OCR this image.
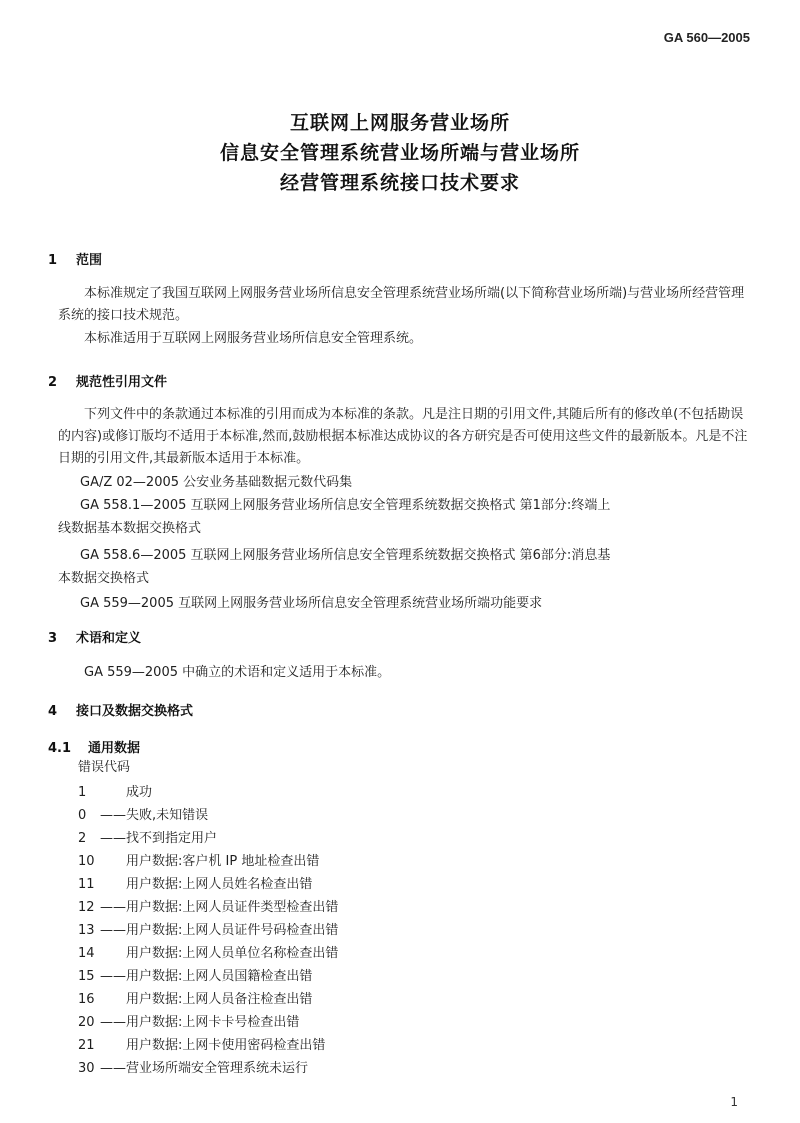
GA 560—2005
互联网上网服务营业场所
信息安全管理系统营业场所端与营业场所
经营管理系统接口技术要求
1 范围
本标准规定了我国互联网上网服务营业场所信息安全管理系统营业场所端(以下简称营业场所端)与营业场所经营管理系统的接口技术规范。
本标准适用于互联网上网服务营业场所信息安全管理系统。
2 规范性引用文件
下列文件中的条款通过本标准的引用而成为本标准的条款。凡是注日期的引用文件,其随后所有的修改单(不包括勘误的内容)或修订版均不适用于本标准,然而,鼓励根据本标准达成协议的各方研究是否可使用这些文件的最新版本。凡是不注日期的引用文件,其最新版本适用于本标准。
GA/Z 02—2005 公安业务基础数据元数代码集
GA 558.1—2005 互联网上网服务营业场所信息安全管理系统数据交换格式 第1部分:终端上
线数据基本数据交换格式
GA 558.6—2005 互联网上网服务营业场所信息安全管理系统数据交换格式 第6部分:消息基
本数据交换格式
GA 559—2005 互联网上网服务营业场所信息安全管理系统营业场所端功能要求
3 术语和定义
GA 559—2005 中确立的术语和定义适用于本标准。
4 接口及数据交换格式
4.1 通用数据
错误代码
1	成功
0 ——失败,未知错误
2 ——找不到指定用户
10 用户数据:客户机 IP 地址检查出错
11 用户数据:上网人员姓名检查出错
12 ——用户数据:上网人员证件类型检查出错
13 ——用户数据:上网人员证件号码检查出错
14 用户数据:上网人员单位名称检查出错
15 ——用户数据:上网人员国籍检查出错
16 用户数据:上网人员备注检查出错
20 ——用户数据:上网卡卡号检查出错
21 用户数据:上网卡使用密码检查出错
30 ——营业场所端安全管理系统未运行
1
